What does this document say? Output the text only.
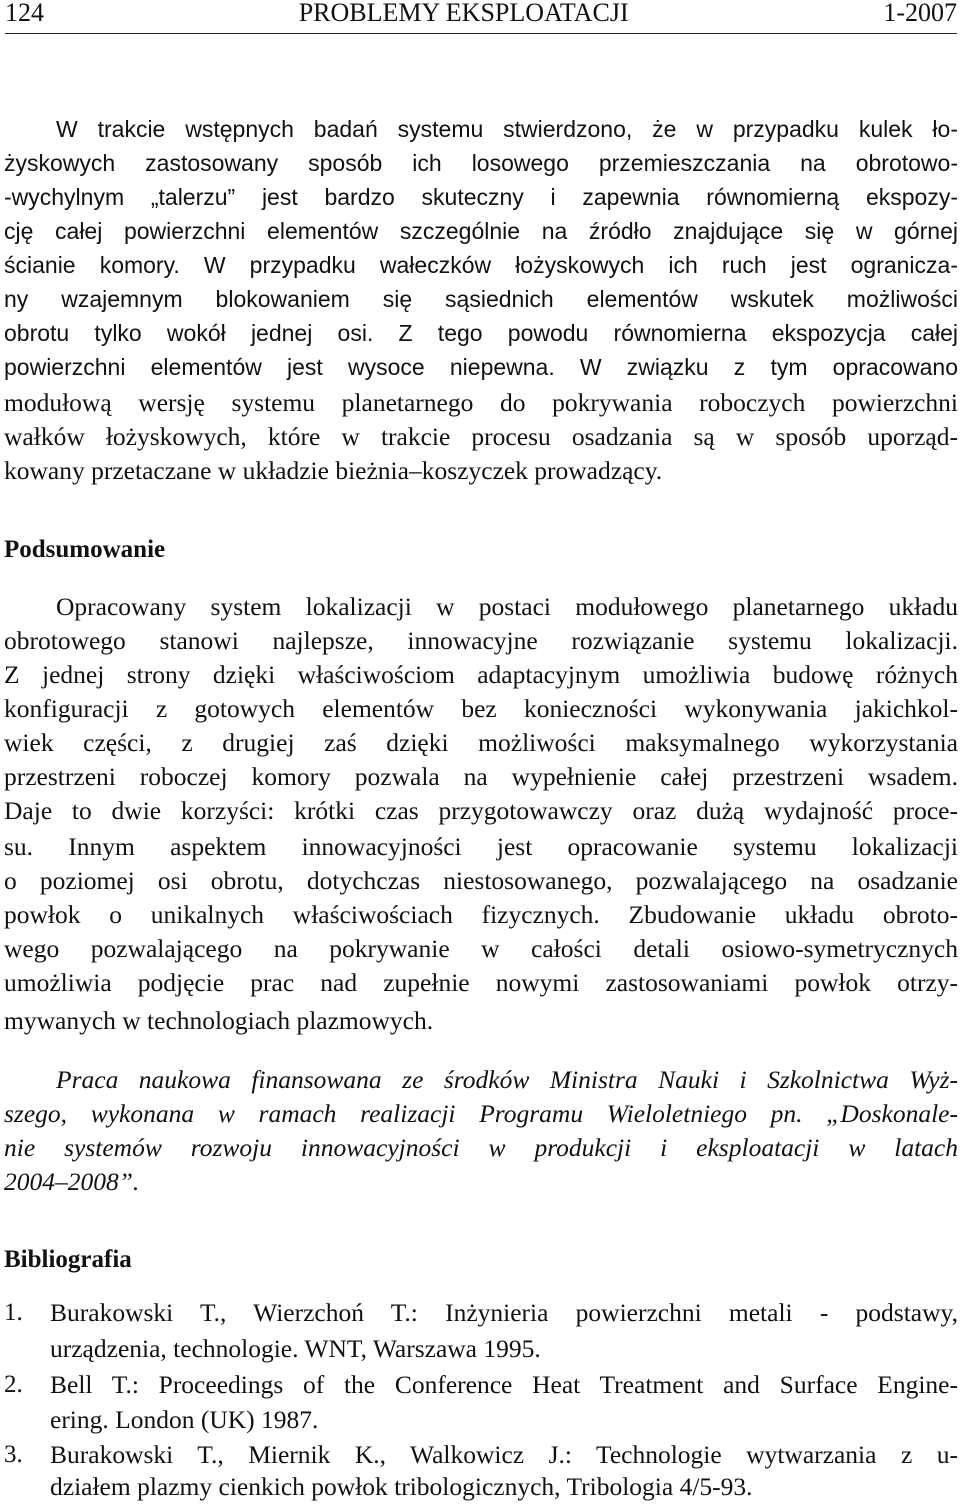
124	PROBLEMY EKSPLOATACJI	1-2007
W trakcie wstępnych badań systemu stwierdzono, że w przypadku kulek ło-
żyskowych zastosowany sposób ich losowego przemieszczania na obrotowo-
-wychylnym „talerzu” jest bardzo skuteczny i zapewnia równomierną ekspozy-
cję całej powierzchni elementów szczególnie na źródło znajdujące się w górnej
ścianie komory. W przypadku wałeczków łożyskowych ich ruch jest ogranicza-
ny wzajemnym blokowaniem się sąsiednich elementów wskutek możliwości
obrotu tylko wokół jednej osi. Z tego powodu równomierna ekspozycja całej
powierzchni elementów jest wysoce niepewna. W związku z tym opracowano
modułową wersję systemu planetarnego do pokrywania roboczych powierzchni
wałków łożyskowych, które w trakcie procesu osadzania są w sposób uporząd-
kowany przetaczane w układzie bieżnia–koszyczek prowadzący.
Podsumowanie
Opracowany system lokalizacji w postaci modułowego planetarnego układu
obrotowego stanowi najlepsze, innowacyjne rozwiązanie systemu lokalizacji.
Z jednej strony dzięki właściwościom adaptacyjnym umożliwia budowę różnych
konfiguracji z gotowych elementów bez konieczności wykonywania jakichkol-
wiek części, z drugiej zaś dzięki możliwości maksymalnego wykorzystania
przestrzeni roboczej komory pozwala na wypełnienie całej przestrzeni wsadem.
Daje to dwie korzyści: krótki czas przygotowawczy oraz dużą wydajność proce-
su. Innym aspektem innowacyjności jest opracowanie systemu lokalizacji
o poziomej osi obrotu, dotychczas niestosowanego, pozwalającego na osadzanie
powłok o unikalnych właściwościach fizycznych. Zbudowanie układu obroto-
wego pozwalającego na pokrywanie w całości detali osiowo-symetrycznych
umożliwia podjęcie prac nad zupełnie nowymi zastosowaniami powłok otrzy-
mywanych w technologiach plazmowych.
Praca naukowa finansowana ze środków Ministra Nauki i Szkolnictwa Wyż-
szego, wykonana w ramach realizacji Programu Wieloletniego pn. „Doskonale-
nie systemów rozwoju innowacyjności w produkcji i eksploatacji w latach
2004–2008”.
Bibliografia
1. Burakowski T., Wierzchoń T.: Inżynieria powierzchni metali - podstawy,
urządzenia, technologie. WNT, Warszawa 1995.
2. Bell T.: Proceedings of the Conference Heat Treatment and Surface Engine-
ering. London (UK) 1987.
3. Burakowski T., Miernik K., Walkowicz J.: Technologie wytwarzania z u-
działem plazmy cienkich powłok tribologicznych, Tribologia 4/5-93.
